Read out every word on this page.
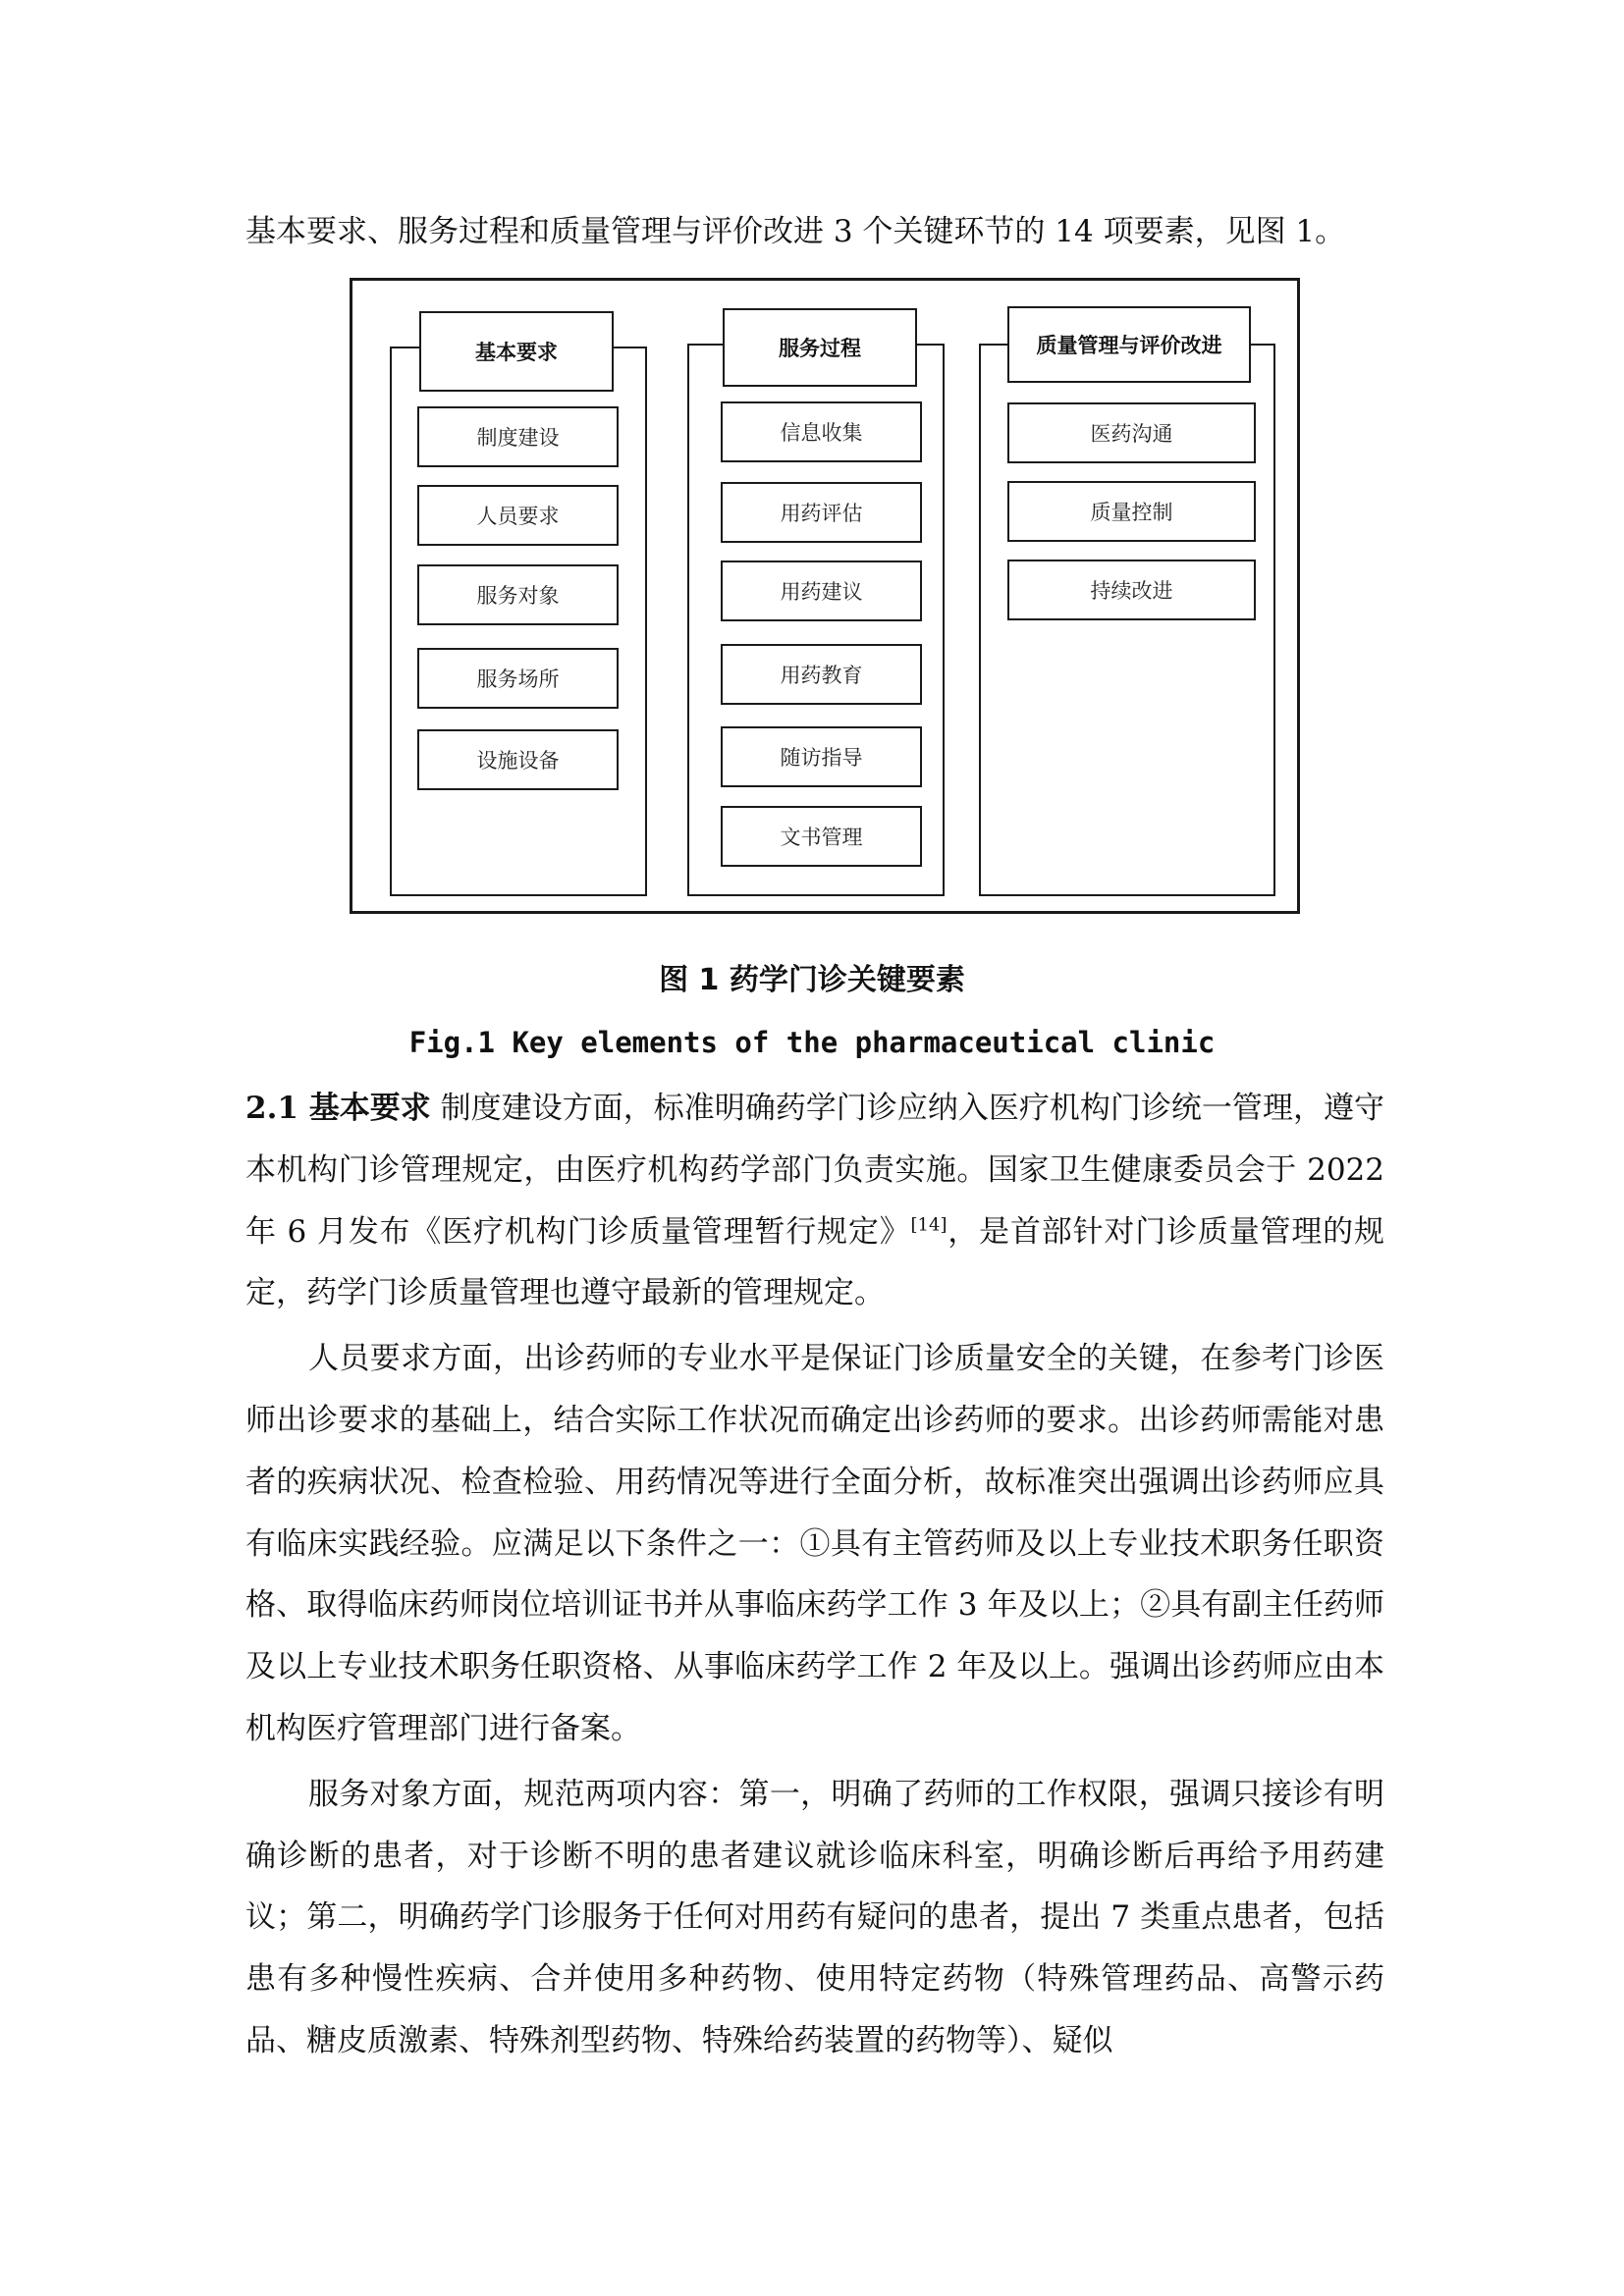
基本要求、服务过程和质量管理与评价改进 3 个关键环节的 14 项要素，见图 1。
基本要求
制度建设
人员要求
服务对象
服务场所
设施设备
服务过程
信息收集
用药评估
用药建议
用药教育
随访指导
文书管理
质量管理与评价改进
医药沟通
质量控制
持续改进
图 1 药学门诊关键要素
Fig.1 Key elements of the pharmaceutical clinic

2.1 基本要求 制度建设方面，标准明确药学门诊应纳入医疗机构门诊统一管理，遵守本机构门诊管理规定，由医疗机构药学部门负责实施。国家卫生健康委员会于 2022 年 6 月发布《医疗机构门诊质量管理暂行规定》[14]，是首部针对门诊质量管理的规定，药学门诊质量管理也遵守最新的管理规定。

人员要求方面，出诊药师的专业水平是保证门诊质量安全的关键，在参考门诊医师出诊要求的基础上，结合实际工作状况而确定出诊药师的要求。出诊药师需能对患者的疾病状况、检查检验、用药情况等进行全面分析，故标准突出强调出诊药师应具有临床实践经验。应满足以下条件之一：①具有主管药师及以上专业技术职务任职资格、取得临床药师岗位培训证书并从事临床药学工作 3 年及以上；②具有副主任药师及以上专业技术职务任职资格、从事临床药学工作 2 年及以上。强调出诊药师应由本机构医疗管理部门进行备案。

服务对象方面，规范两项内容：第一，明确了药师的工作权限，强调只接诊有明确诊断的患者，对于诊断不明的患者建议就诊临床科室，明确诊断后再给予用药建议；第二，明确药学门诊服务于任何对用药有疑问的患者，提出 7 类重点患者，包括患有多种慢性疾病、合并使用多种药物、使用特定药物（特殊管理药品、高警示药品、糖皮质激素、特殊剂型药物、特殊给药装置的药物等）、疑似
